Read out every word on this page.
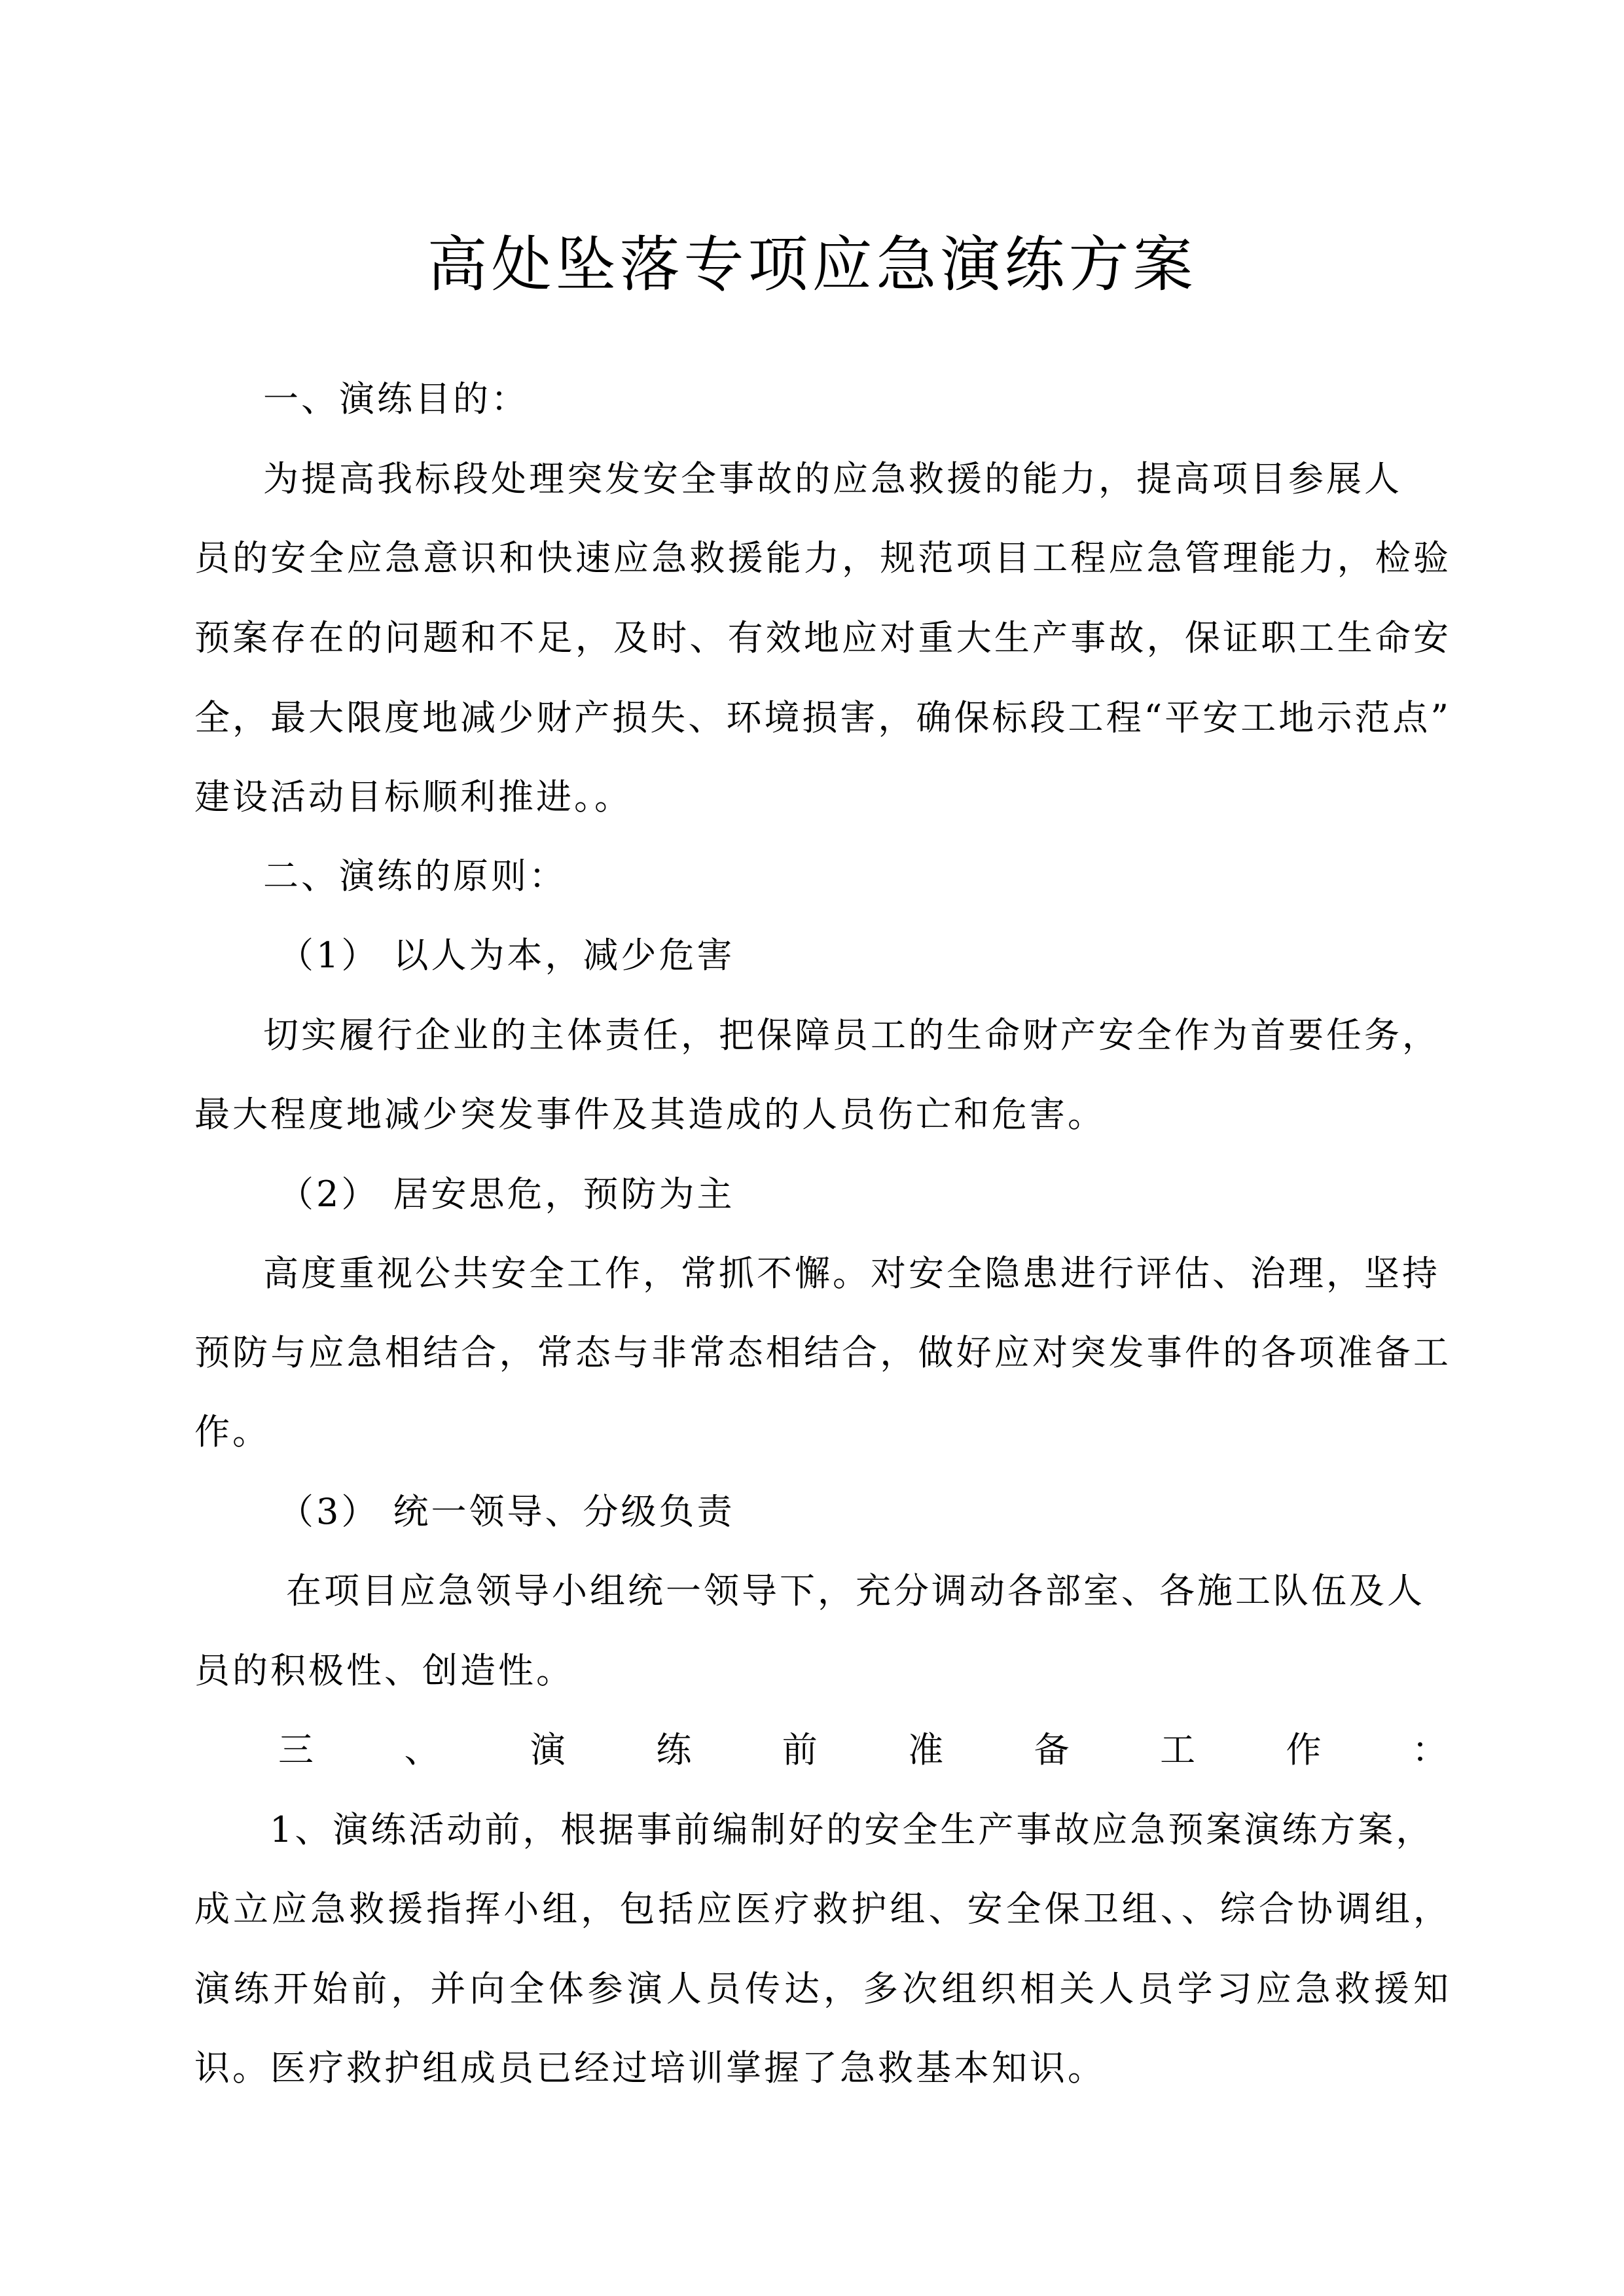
高处坠落专项应急演练方案
一、演练目的：
为提高我标段处理突发安全事故的应急救援的能力，提高项目参展人
员的安全应急意识和快速应急救援能力，规范项目工程应急管理能力，检验
预案存在的问题和不足，及时、有效地应对重大生产事故，保证职工生命安
全，最大限度地减少财产损失、环境损害，确保标段工程“平安工地示范点”
建设活动目标顺利推进。。
二、演练的原则：
（1） 以人为本，减少危害
切实履行企业的主体责任，把保障员工的生命财产安全作为首要任务，
最大程度地减少突发事件及其造成的人员伤亡和危害。
（2） 居安思危，预防为主
高度重视公共安全工作，常抓不懈。对安全隐患进行评估、治理，坚持
预防与应急相结合，常态与非常态相结合，做好应对突发事件的各项准备工
作。
（3） 统一领导、分级负责
在项目应急领导小组统一领导下，充分调动各部室、各施工队伍及人
员的积极性、创造性。
三 、 演 练 前 准 备 工 作 ：
1、演练活动前，根据事前编制好的安全生产事故应急预案演练方案，
成立应急救援指挥小组，包括应医疗救护组、安全保卫组、、综合协调组，
演练开始前，并向全体参演人员传达，多次组织相关人员学习应急救援知
识。医疗救护组成员已经过培训掌握了急救基本知识。
